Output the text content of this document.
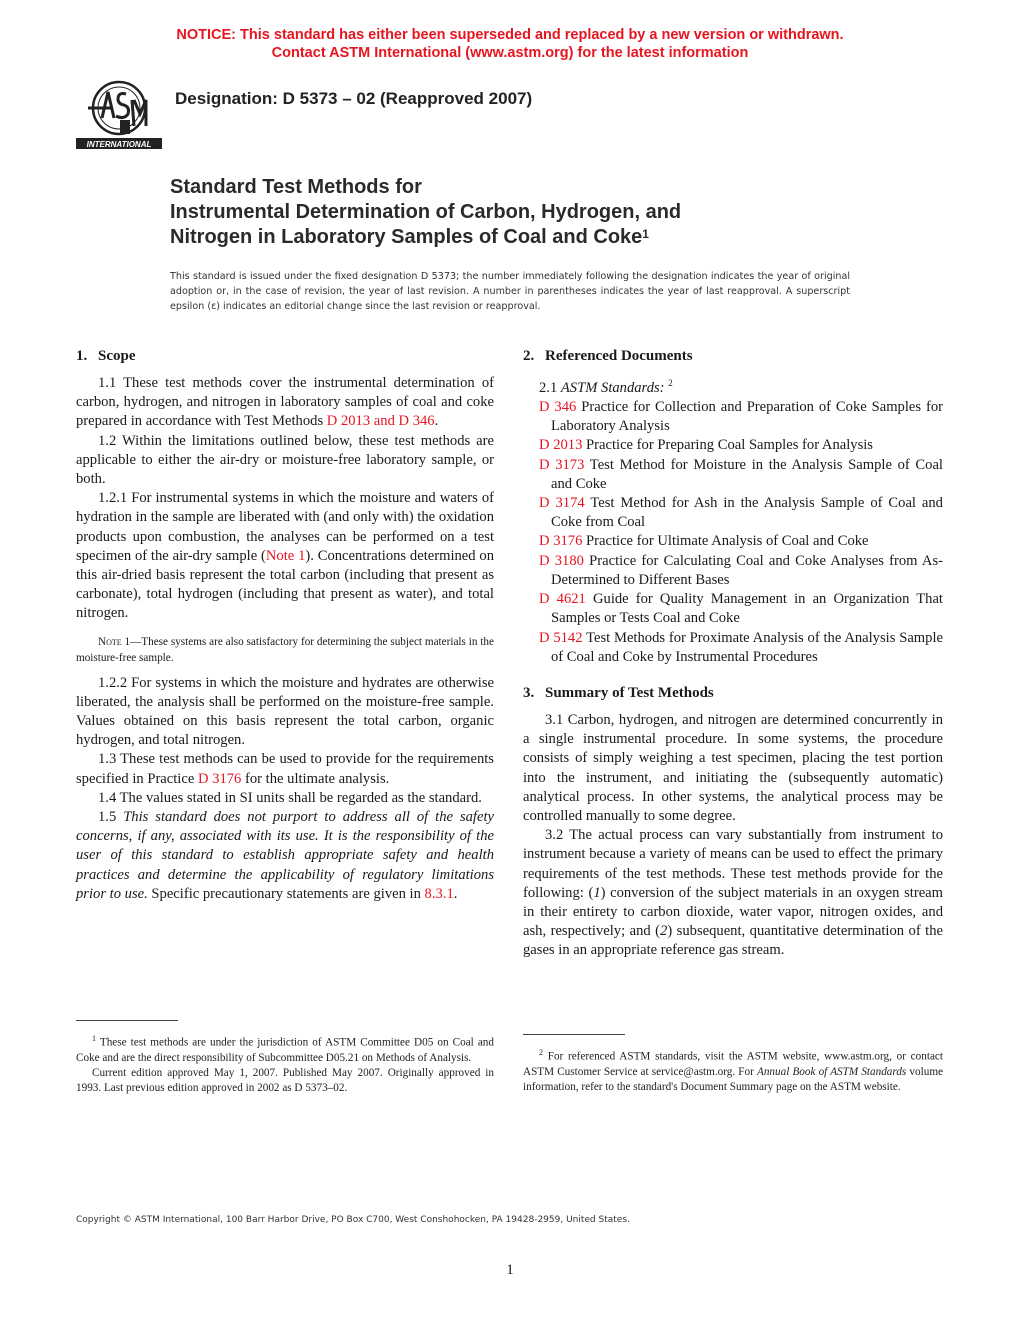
NOTICE: This standard has either been superseded and replaced by a new version or withdrawn.
Contact ASTM International (www.astm.org) for the latest information
INTERNATIONAL
Designation: D 5373 – 02 (Reapproved 2007)
Standard Test Methods for
Instrumental Determination of Carbon, Hydrogen, and
Nitrogen in Laboratory Samples of Coal and Coke$^1$
This standard is issued under the fixed designation D 5373; the number immediately following the designation indicates the year of original adoption or, in the case of revision, the year of last revision. A number in parentheses indicates the year of last reapproval. A superscript epsilon (ε) indicates an editorial change since the last revision or reapproval.
1. Scope

1.1 These test methods cover the instrumental determination of carbon, hydrogen, and nitrogen in laboratory samples of coal and coke prepared in accordance with Test Methods D 2013 and D 346.

1.2 Within the limitations outlined below, these test methods are applicable to either the air-dry or moisture-free laboratory sample, or both.

1.2.1 For instrumental systems in which the moisture and waters of hydration in the sample are liberated with (and only with) the oxidation products upon combustion, the analyses can be performed on a test specimen of the air-dry sample (Note 1). Concentrations determined on this air-dried basis represent the total carbon (including that present as carbonate), total hydrogen (including that present as water), and total nitrogen.

Note 1—These systems are also satisfactory for determining the subject materials in the moisture-free sample.

1.2.2 For systems in which the moisture and hydrates are otherwise liberated, the analysis shall be performed on the moisture-free sample. Values obtained on this basis represent the total carbon, organic hydrogen, and total nitrogen.

1.3 These test methods can be used to provide for the requirements specified in Practice D 3176 for the ultimate analysis.

1.4 The values stated in SI units shall be regarded as the standard.

1.5 This standard does not purport to address all of the safety concerns, if any, associated with its use. It is the responsibility of the user of this standard to establish appropriate safety and health practices and determine the applicability of regulatory limitations prior to use. Specific precautionary statements are given in 8.3.1.

2. Referenced Documents

2.1 ASTM Standards: $^2$

D 346 Practice for Collection and Preparation of Coke Samples for Laboratory Analysis

D 2013 Practice for Preparing Coal Samples for Analysis

D 3173 Test Method for Moisture in the Analysis Sample of Coal and Coke

D 3174 Test Method for Ash in the Analysis Sample of Coal and Coke from Coal

D 3176 Practice for Ultimate Analysis of Coal and Coke

D 3180 Practice for Calculating Coal and Coke Analyses from As-Determined to Different Bases

D 4621 Guide for Quality Management in an Organization That Samples or Tests Coal and Coke

D 5142 Test Methods for Proximate Analysis of the Analysis Sample of Coal and Coke by Instrumental Procedures

3. Summary of Test Methods

3.1 Carbon, hydrogen, and nitrogen are determined concurrently in a single instrumental procedure. In some systems, the procedure consists of simply weighing a test specimen, placing the test portion into the instrument, and initiating the (subsequently automatic) analytical process. In other systems, the analytical process may be controlled manually to some degree.

3.2 The actual process can vary substantially from instrument to instrument because a variety of means can be used to effect the primary requirements of the test methods. These test methods provide for the following: (1) conversion of the subject materials in an oxygen stream in their entirety to carbon dioxide, water vapor, nitrogen oxides, and ash, respectively; and (2) subsequent, quantitative determination of the gases in an appropriate reference gas stream.

$^1$ These test methods are under the jurisdiction of ASTM Committee D05 on Coal and Coke and are the direct responsibility of Subcommittee D05.21 on Methods of Analysis.

Current edition approved May 1, 2007. Published May 2007. Originally approved in 1993. Last previous edition approved in 2002 as D 5373–02.

$^2$ For referenced ASTM standards, visit the ASTM website, www.astm.org, or contact ASTM Customer Service at service@astm.org. For Annual Book of ASTM Standards volume information, refer to the standard's Document Summary page on the ASTM website.

Copyright © ASTM International, 100 Barr Harbor Drive, PO Box C700, West Conshohocken, PA 19428-2959, United States.
1
